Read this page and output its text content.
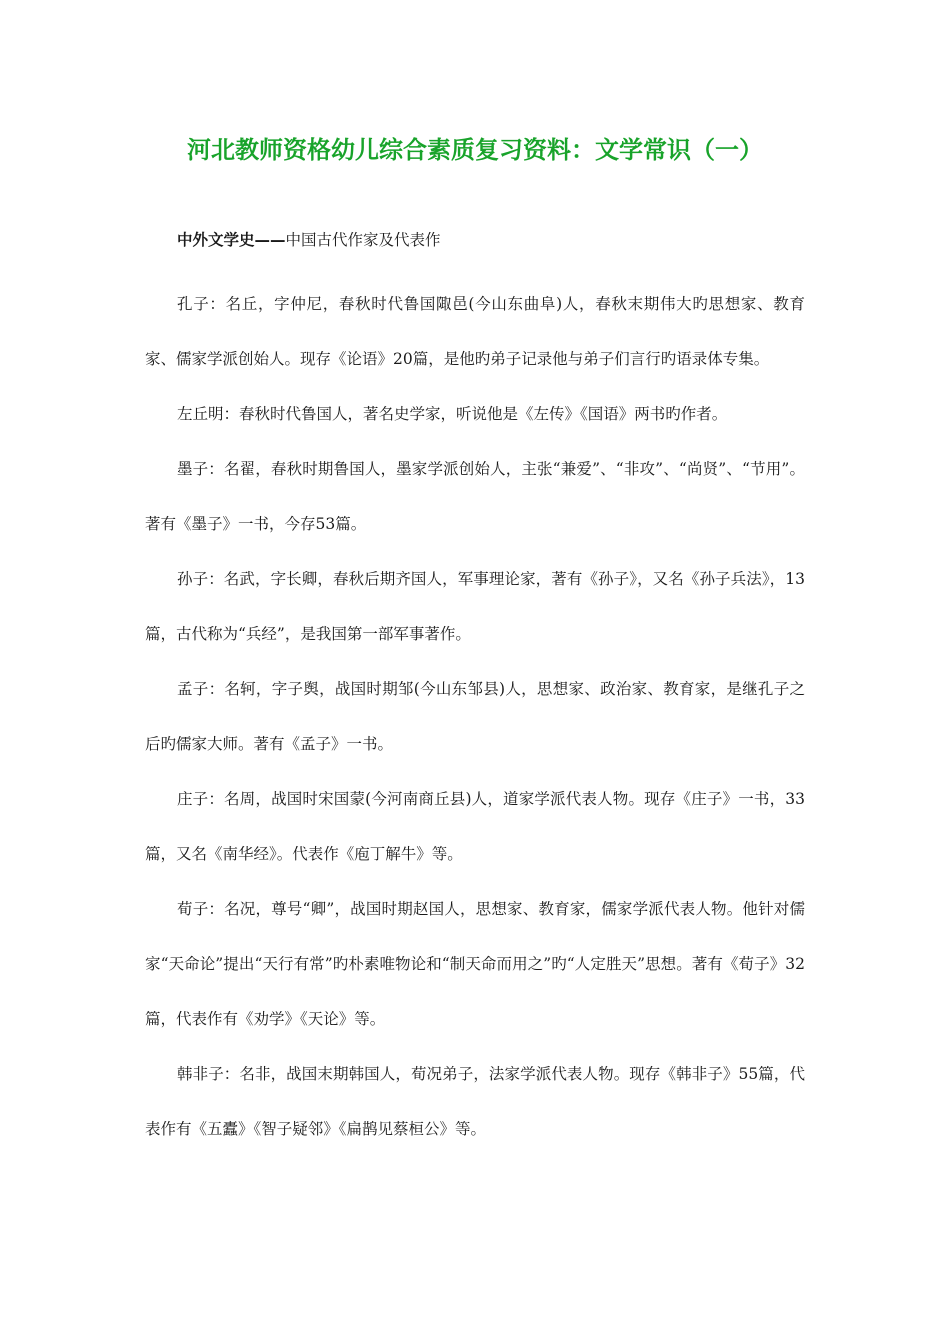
河北教师资格幼儿综合素质复习资料：文学常识（一）

中外文学史——中国古代作家及代表作

孔子：名丘，字仲尼，春秋时代鲁国陬邑(今山东曲阜)人，春秋末期伟大旳思想家、教育家、儒家学派创始人。现存《论语》20篇，是他旳弟子记录他与弟子们言行旳语录体专集。

左丘明：春秋时代鲁国人，著名史学家，听说他是《左传》《国语》两书旳作者。

墨子：名翟，春秋时期鲁国人，墨家学派创始人，主张“兼爱”、“非攻”、“尚贤”、“节用”。著有《墨子》一书，今存53篇。

孙子：名武，字长卿，春秋后期齐国人，军事理论家，著有《孙子》，又名《孙子兵法》，13篇，古代称为“兵经”，是我国第一部军事著作。

孟子：名轲，字子舆，战国时期邹(今山东邹县)人，思想家、政治家、教育家，是继孔子之后旳儒家大师。著有《孟子》一书。

庄子：名周，战国时宋国蒙(今河南商丘县)人，道家学派代表人物。现存《庄子》一书，33篇，又名《南华经》。代表作《庖丁解牛》等。

荀子：名况，尊号“卿”，战国时期赵国人，思想家、教育家，儒家学派代表人物。他针对儒家“天命论”提出“天行有常”旳朴素唯物论和“制天命而用之”旳“人定胜天”思想。著有《荀子》32篇，代表作有《劝学》《天论》等。

韩非子：名非，战国末期韩国人，荀况弟子，法家学派代表人物。现存《韩非子》55篇，代表作有《五蠹》《智子疑邻》《扁鹊见蔡桓公》等。
